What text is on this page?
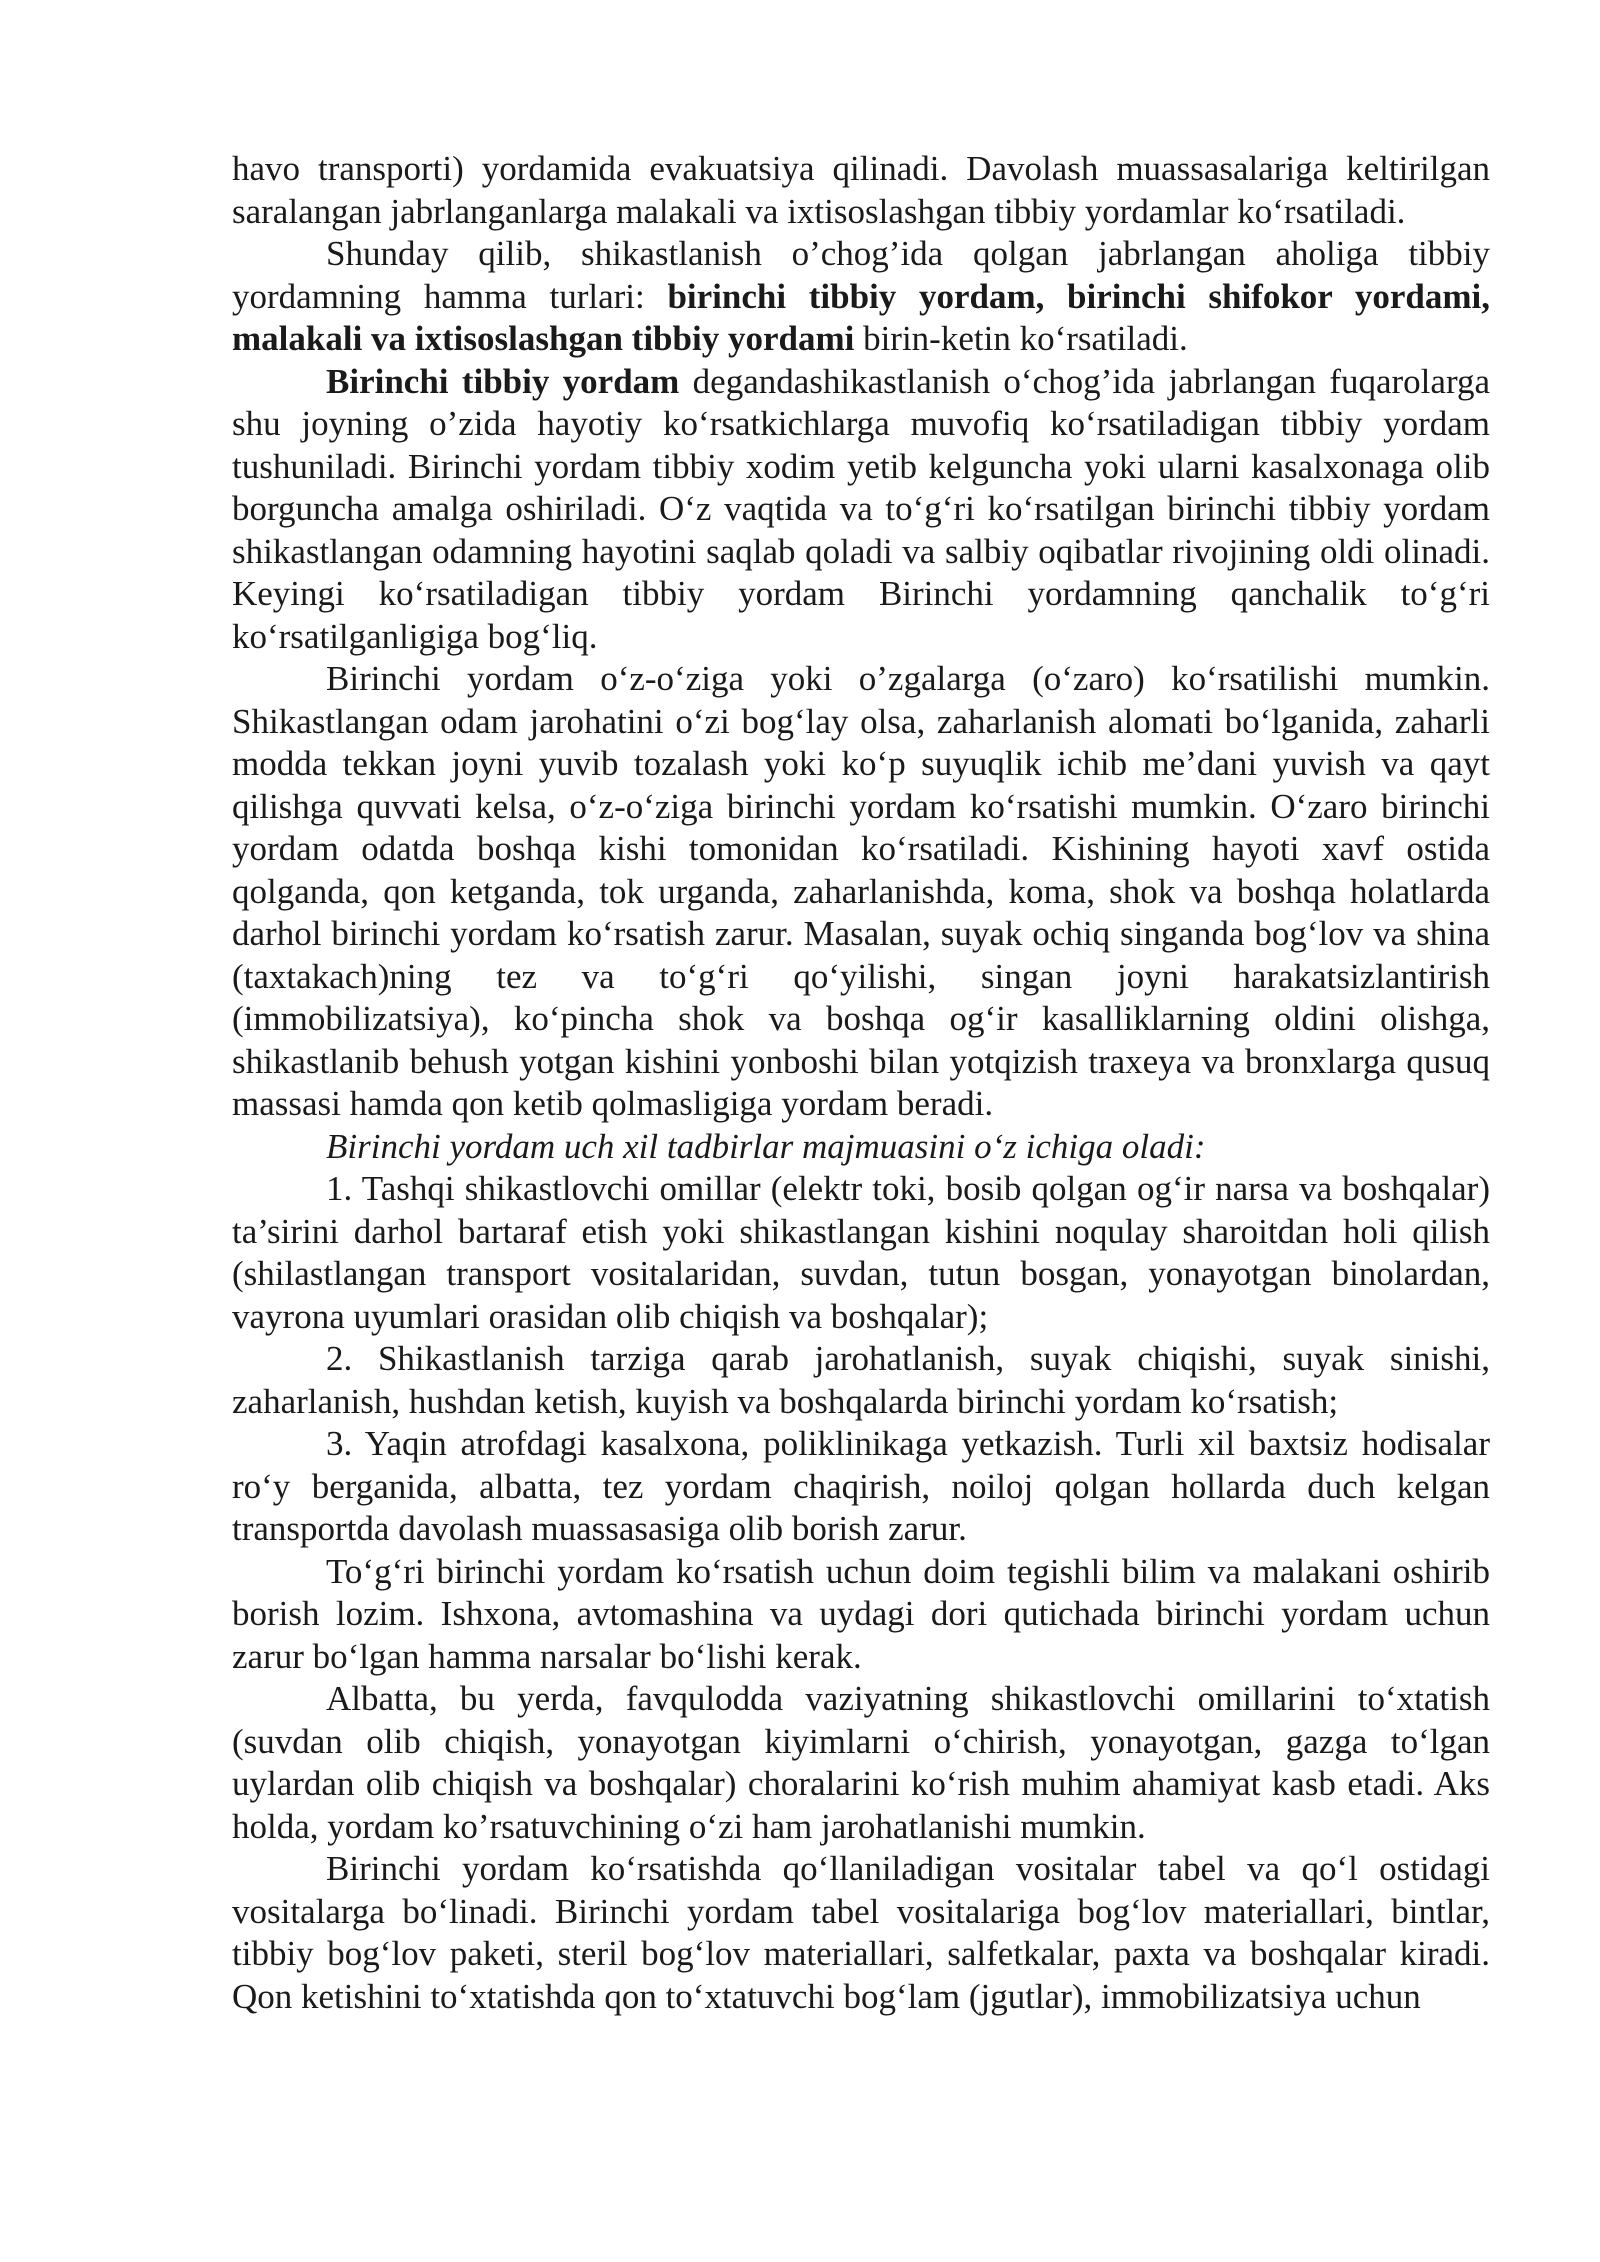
havo transporti) yordamida evakuatsiya qilinadi. Davolash muassasalariga keltirilgan saralangan jabrlanganlarga malakali va ixtisoslashgan tibbiy yordamlar ko‘rsatiladi.

Shunday qilib, shikastlanish o’chog’ida qolgan jabrlangan aholiga tibbiy yordamning hamma turlari: birinchi tibbiy yordam, birinchi shifokor yordami, malakali va ixtisoslashgan tibbiy yordami birin-ketin ko‘rsatiladi.

Birinchi tibbiy yordam degandashikastlanish o‘chog’ida jabrlangan fuqarolarga shu joyning o’zida hayotiy ko‘rsatkichlarga muvofiq ko‘rsatiladigan tibbiy yordam tushuniladi. Birinchi yordam tibbiy xodim yetib kelguncha yoki ularni kasalxonaga olib borguncha amalga oshiriladi. O‘z vaqtida va to‘g‘ri ko‘rsatilgan birinchi tibbiy yordam shikastlangan odamning hayotini saqlab qoladi va salbiy oqibatlar rivojining oldi olinadi. Keyingi ko‘rsatiladigan tibbiy yordam Birinchi yordamning qanchalik to‘g‘ri ko‘rsatilganligiga bog‘liq.

Birinchi yordam o‘z-o‘ziga yoki o’zgalarga (o‘zaro) ko‘rsatilishi mumkin. Shikastlangan odam jarohatini o‘zi bog‘lay olsa, zaharlanish alomati bo‘lganida, zaharli modda tekkan joyni yuvib tozalash yoki ko‘p suyuqlik ichib me’dani yuvish va qayt qilishga quvvati kelsa, o‘z-o‘ziga birinchi yordam ko‘rsatishi mumkin. O‘zaro birinchi yordam odatda boshqa kishi tomonidan ko‘rsatiladi. Kishining hayoti xavf ostida qolganda, qon ketganda, tok urganda, zaharlanishda, koma, shok va boshqa holatlarda darhol birinchi yordam ko‘rsatish zarur. Masalan, suyak ochiq singanda bog‘lov va shina (taxtakach)ning tez va to‘g‘ri qo‘yilishi, singan joyni harakatsizlantirish (immobilizatsiya), ko‘pincha shok va boshqa og‘ir kasalliklarning oldini olishga, shikastlanib behush yotgan kishini yonboshi bilan yotqizish traxeya va bronxlarga qusuq massasi hamda qon ketib qolmasligiga yordam beradi.

Birinchi yordam uch xil tadbirlar majmuasini o‘z ichiga oladi:

1. Tashqi shikastlovchi omillar (elektr toki, bosib qolgan og‘ir narsa va boshqalar) ta’sirini darhol bartaraf etish yoki shikastlangan kishini noqulay sharoitdan holi qilish (shilastlangan transport vositalaridan, suvdan, tutun bosgan, yonayotgan binolardan, vayrona uyumlari orasidan olib chiqish va boshqalar);

2. Shikastlanish tarziga qarab jarohatlanish, suyak chiqishi, suyak sinishi, zaharlanish, hushdan ketish, kuyish va boshqalarda birinchi yordam ko‘rsatish;

3. Yaqin atrofdagi kasalxona, poliklinikaga yetkazish. Turli xil baxtsiz hodisalar ro‘y berganida, albatta, tez yordam chaqirish, noiloj qolgan hollarda duch kelgan transportda davolash muassasasiga olib borish zarur.

To‘g‘ri birinchi yordam ko‘rsatish uchun doim tegishli bilim va malakani oshirib borish lozim. Ishxona, avtomashina va uydagi dori qutichada birinchi yordam uchun zarur bo‘lgan hamma narsalar bo‘lishi kerak.

Albatta, bu yerda, favqulodda vaziyatning shikastlovchi omillarini to‘xtatish (suvdan olib chiqish, yonayotgan kiyimlarni o‘chirish, yonayotgan, gazga to‘lgan uylardan olib chiqish va boshqalar) choralarini ko‘rish muhim ahamiyat kasb etadi. Aks holda, yordam ko’rsatuvchining o‘zi ham jarohatlanishi mumkin.

Birinchi yordam ko‘rsatishda qo‘llaniladigan vositalar tabel va qo‘l ostidagi vositalarga bo‘linadi. Birinchi yordam tabel vositalariga bog‘lov materiallari, bintlar, tibbiy bog‘lov paketi, steril bog‘lov materiallari, salfetkalar, paxta va boshqalar kiradi. Qon ketishini to‘xtatishda qon to‘xtatuvchi bog‘lam (jgutlar), immobilizatsiya uchun
